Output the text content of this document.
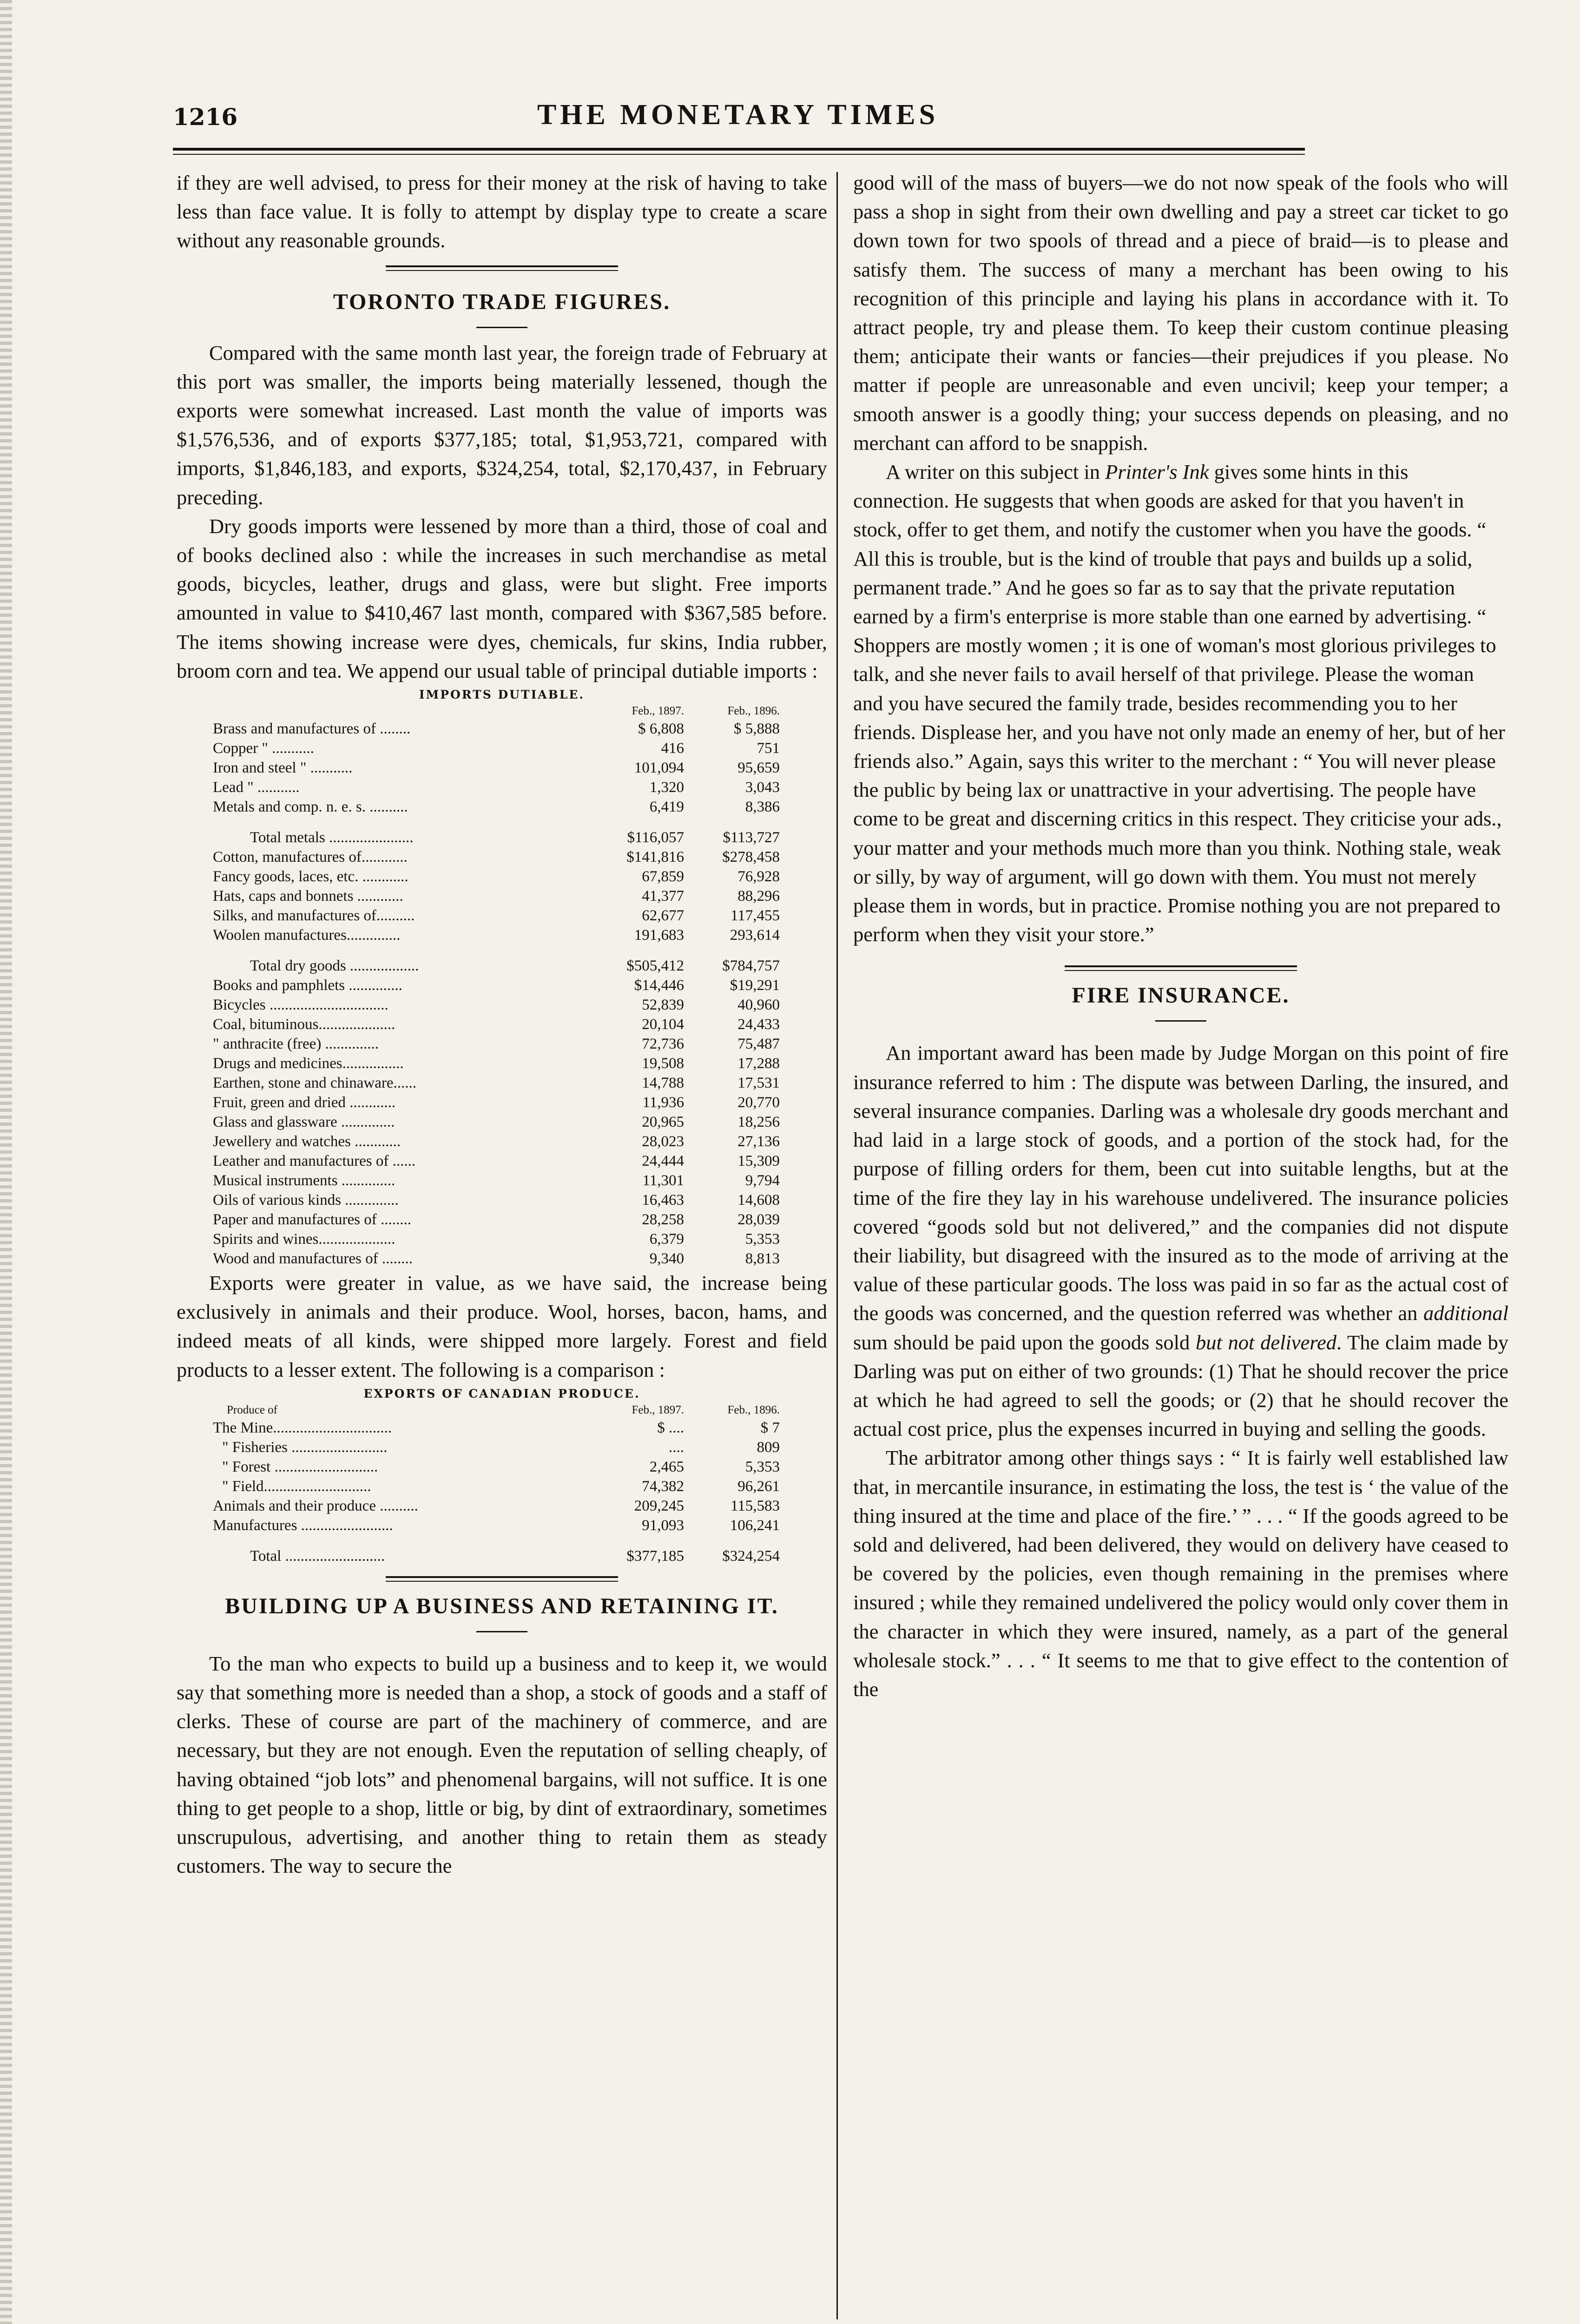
1216	THE MONETARY TIMES

if they are well advised, to press for their money at the risk of having to take less than face value. It is folly to attempt by display type to create a scare without any reasonable grounds.

TORONTO TRADE FIGURES.

Compared with the same month last year, the foreign trade of February at this port was smaller, the imports being materially lessened, though the exports were somewhat increased. Last month the value of imports was $1,576,536, and of exports $377,185; total, $1,953,721, compared with imports, $1,846,183, and exports, $324,254, total, $2,170,437, in February preceding.

Dry goods imports were lessened by more than a third, those of coal and of books declined also : while the increases in such merchandise as metal goods, bicycles, leather, drugs and glass, were but slight. Free imports amounted in value to $410,467 last month, compared with $367,585 before. The items showing increase were dyes, chemicals, fur skins, India rubber, broom corn and tea. We append our usual table of principal dutiable imports :

IMPORTS DUTIABLE.
	Feb., 1897.	Feb., 1896.
Brass and manufactures of ........	$ 6,808	$ 5,888
Copper " ...........	416	751
Iron and steel " ...........	101,094	95,659
Lead " ...........	1,320	3,043
Metals and comp. n. e. s. ..........	6,419	8,386

Total metals ......................	$116,057	$113,727
Cotton, manufactures of............	$141,816	$278,458
Fancy goods, laces, etc. ............	67,859	76,928
Hats, caps and bonnets ............	41,377	88,296
Silks, and manufactures of..........	62,677	117,455
Woolen manufactures..............	191,683	293,614

Total dry goods ..................	$505,412	$784,757
Books and pamphlets ..............	$14,446	$19,291
Bicycles ...............................	52,839	40,960
Coal, bituminous....................	20,104	24,433
" anthracite (free) ..............	72,736	75,487
Drugs and medicines................	19,508	17,288
Earthen, stone and chinaware......	14,788	17,531
Fruit, green and dried ............	11,936	20,770
Glass and glassware ..............	20,965	18,256
Jewellery and watches ............	28,023	27,136
Leather and manufactures of ......	24,444	15,309
Musical instruments ..............	11,301	9,794
Oils of various kinds ..............	16,463	14,608
Paper and manufactures of ........	28,258	28,039
Spirits and wines....................	6,379	5,353
Wood and manufactures of ........	9,340	8,813

Exports were greater in value, as we have said, the increase being exclusively in animals and their produce. Wool, horses, bacon, hams, and indeed meats of all kinds, were shipped more largely. Forest and field products to a lesser extent. The following is a comparison :

EXPORTS OF CANADIAN PRODUCE.
Produce of	Feb., 1897.	Feb., 1896.
The Mine...............................	$ ....	$ 7
" Fisheries .........................	....	809
" Forest ...........................	2,465	5,353
" Field............................	74,382	96,261
Animals and their produce ..........	209,245	115,583
Manufactures ........................	91,093	106,241

Total ..........................	$377,185	$324,254
BUILDING UP A BUSINESS AND RETAINING IT.

To the man who expects to build up a business and to keep it, we would say that something more is needed than a shop, a stock of goods and a staff of clerks. These of course are part of the machinery of commerce, and are necessary, but they are not enough. Even the reputation of selling cheaply, of having obtained “job lots” and phenomenal bargains, will not suffice. It is one thing to get people to a shop, little or big, by dint of extraordinary, sometimes unscrupulous, advertising, and another thing to retain them as steady customers. The way to secure the

good will of the mass of buyers—we do not now speak of the fools who will pass a shop in sight from their own dwelling and pay a street car ticket to go down town for two spools of thread and a piece of braid—is to please and satisfy them. The success of many a merchant has been owing to his recognition of this principle and laying his plans in accordance with it. To attract people, try and please them. To keep their custom continue pleasing them; anticipate their wants or fancies—their prejudices if you please. No matter if people are unreasonable and even uncivil; keep your temper; a smooth answer is a goodly thing; your success depends on pleasing, and no merchant can afford to be snappish.

A writer on this subject in Printer's Ink gives some hints in this connection. He suggests that when goods are asked for that you haven't in stock, offer to get them, and notify the customer when you have the goods. “ All this is trouble, but is the kind of trouble that pays and builds up a solid, permanent trade.” And he goes so far as to say that the private reputation earned by a firm's enterprise is more stable than one earned by advertising. “ Shoppers are mostly women ; it is one of woman's most glorious privileges to talk, and she never fails to avail herself of that privilege. Please the woman and you have secured the family trade, besides recommending you to her friends. Displease her, and you have not only made an enemy of her, but of her friends also.” Again, says this writer to the merchant : “ You will never please the public by being lax or unattractive in your advertising. The people have come to be great and discerning critics in this respect. They criticise your ads., your matter and your methods much more than you think. Nothing stale, weak or silly, by way of argument, will go down with them. You must not merely please them in words, but in practice. Promise nothing you are not prepared to perform when they visit your store.”

FIRE INSURANCE.

An important award has been made by Judge Morgan on this point of fire insurance referred to him : The dispute was between Darling, the insured, and several insurance companies. Darling was a wholesale dry goods merchant and had laid in a large stock of goods, and a portion of the stock had, for the purpose of filling orders for them, been cut into suitable lengths, but at the time of the fire they lay in his warehouse undelivered. The insurance policies covered “goods sold but not delivered,” and the companies did not dispute their liability, but disagreed with the insured as to the mode of arriving at the value of these particular goods. The loss was paid in so far as the actual cost of the goods was concerned, and the question referred was whether an additional sum should be paid upon the goods sold but not delivered. The claim made by Darling was put on either of two grounds: (1) That he should recover the price at which he had agreed to sell the goods; or (2) that he should recover the actual cost price, plus the expenses incurred in buying and selling the goods.

The arbitrator among other things says : “ It is fairly well established law that, in mercantile insurance, in estimating the loss, the test is ‘ the value of the thing insured at the time and place of the fire.’ ” . . . “ If the goods agreed to be sold and delivered, had been delivered, they would on delivery have ceased to be covered by the policies, even though remaining in the premises where insured ; while they remained undelivered the policy would only cover them in the character in which they were insured, namely, as a part of the general wholesale stock.” . . . “ It seems to me that to give effect to the contention of the
